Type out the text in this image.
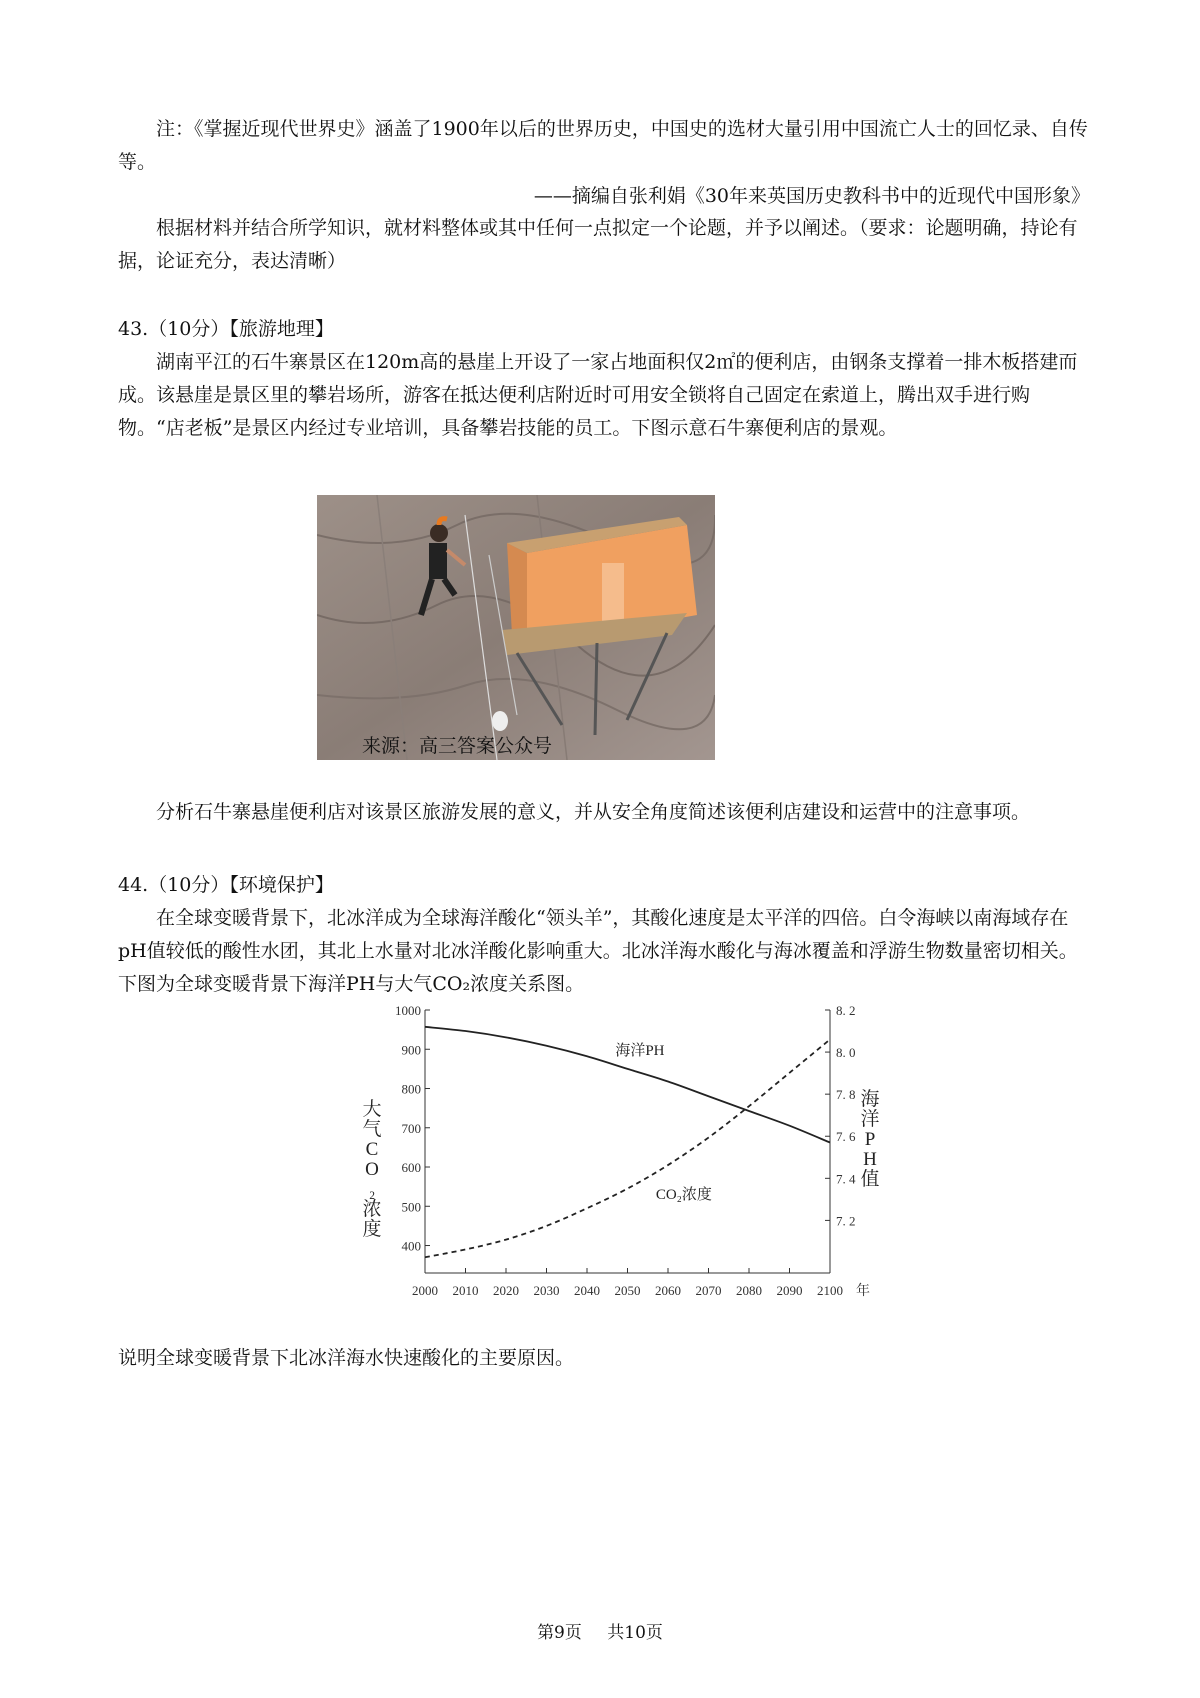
注：《掌握近现代世界史》涵盖了1900年以后的世界历史，中国史的选材大量引用中国流亡人士的回忆录、自传等。

——摘编自张利娟《30年来英国历史教科书中的近现代中国形象》

根据材料并结合所学知识，就材料整体或其中任何一点拟定一个论题，并予以阐述。（要求：论题明确，持论有据，论证充分，表达清晰）

43.（10分）【旅游地理】

湖南平江的石牛寨景区在120m高的悬崖上开设了一家占地面积仅2㎡的便利店，由钢条支撑着一排木板搭建而成。该悬崖是景区里的攀岩场所，游客在抵达便利店附近时可用安全锁将自己固定在索道上，腾出双手进行购物。“店老板”是景区内经过专业培训，具备攀岩技能的员工。下图示意石牛寨便利店的景观。

来源：高三答案公众号

分析石牛寨悬崖便利店对该景区旅游发展的意义，并从安全角度简述该便利店建设和运营中的注意事项。

44.（10分）【环境保护】

在全球变暖背景下，北冰洋成为全球海洋酸化“领头羊”，其酸化速度是太平洋的四倍。白令海峡以南海域存在pH值较低的酸性水团，其北上水量对北冰洋酸化影响重大。北冰洋海水酸化与海冰覆盖和浮游生物数量密切相关。下图为全球变暖背景下海洋PH与大气CO₂浓度关系图。

400
500
600
700
800
900
1000
7. 2
7. 4
7. 6
7. 8
8. 0
8. 2
2000 2010 2020 2030 2040 2050 2060 2070 2080 2090 2100 年
大
气
C
O
₂
浓
度
海
洋
P
H
值
海洋PH
CO₂浓度

说明全球变暖背景下北冰洋海水快速酸化的主要原因。

第9页 共10页
